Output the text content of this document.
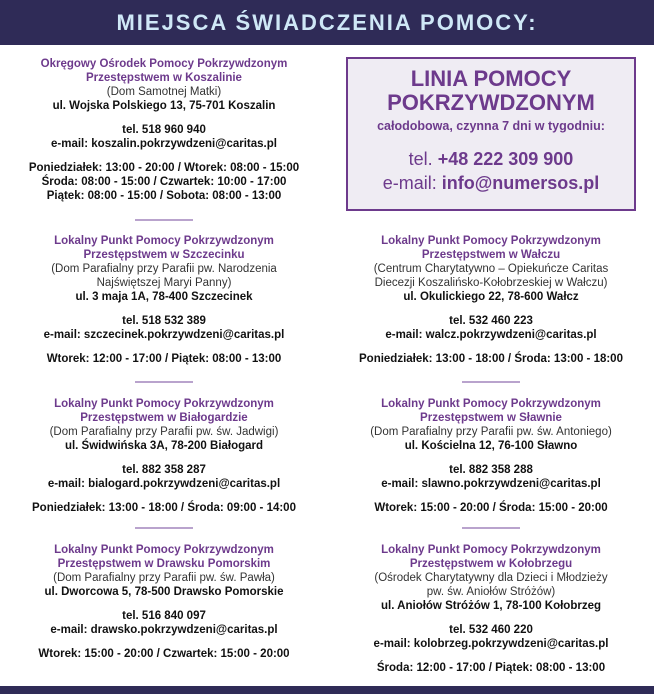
MIEJSCA ŚWIADCZENIA POMOCY:
Okręgowy Ośrodek Pomocy Pokrzywdzonym
Przestępstwem w Koszalinie
(Dom Samotnej Matki)
ul. Wojska Polskiego 13, 75-701 Koszalin
tel. 518 960 940
e-mail: koszalin.pokrzywdzeni@caritas.pl
Poniedziałek: 13:00 - 20:00 / Wtorek: 08:00 - 15:00
Środa: 08:00 - 15:00 / Czwartek: 10:00 - 17:00
Piątek: 08:00 - 15:00 / Sobota: 08:00 - 13:00
LINIA POMOCY
POKRZYWDZONYM
całodobowa, czynna 7 dni w tygodniu:
tel. +48 222 309 900
e-mail: info@numersos.pl
Lokalny Punkt Pomocy Pokrzywdzonym
Przestępstwem w Szczecinku
(Dom Parafialny przy Parafii pw. Narodzenia
Najświętszej Maryi Panny)
ul. 3 maja 1A, 78-400 Szczecinek
tel. 518 532 389
e-mail: szczecinek.pokrzywdzeni@caritas.pl
Wtorek: 12:00 - 17:00 / Piątek: 08:00 - 13:00
Lokalny Punkt Pomocy Pokrzywdzonym
Przestępstwem w Wałczu
(Centrum Charytatywno – Opiekuńcze Caritas
Diecezji Koszalińsko-Kołobrzeskiej w Wałczu)
ul. Okulickiego 22, 78-600 Wałcz
tel. 532 460 223
e-mail: walcz.pokrzywdzeni@caritas.pl
Poniedziałek: 13:00 - 18:00 / Środa: 13:00 - 18:00
Lokalny Punkt Pomocy Pokrzywdzonym
Przestępstwem w Białogardzie
(Dom Parafialny przy Parafii pw. św. Jadwigi)
ul. Świdwińska 3A, 78-200 Białogard
tel. 882 358 287
e-mail: bialogard.pokrzywdzeni@caritas.pl
Poniedziałek: 13:00 - 18:00 / Środa: 09:00 - 14:00
Lokalny Punkt Pomocy Pokrzywdzonym
Przestępstwem w Sławnie
(Dom Parafialny przy Parafii pw. św. Antoniego)
ul. Kościelna 12, 76-100 Sławno
tel. 882 358 288
e-mail: slawno.pokrzywdzeni@caritas.pl
Wtorek: 15:00 - 20:00 / Środa: 15:00 - 20:00
Lokalny Punkt Pomocy Pokrzywdzonym
Przestępstwem w Drawsku Pomorskim
(Dom Parafialny przy Parafii pw. św. Pawła)
ul. Dworcowa 5, 78-500 Drawsko Pomorskie
tel. 516 840 097
e-mail: drawsko.pokrzywdzeni@caritas.pl
Wtorek: 15:00 - 20:00 / Czwartek: 15:00 - 20:00
Lokalny Punkt Pomocy Pokrzywdzonym
Przestępstwem w Kołobrzegu
(Ośrodek Charytatywny dla Dzieci i Młodzieży
pw. św. Aniołów Stróżów)
ul. Aniołów Stróżów 1, 78-100 Kołobrzeg
tel. 532 460 220
e-mail: kolobrzeg.pokrzywdzeni@caritas.pl
Środa: 12:00 - 17:00 / Piątek: 08:00 - 13:00
